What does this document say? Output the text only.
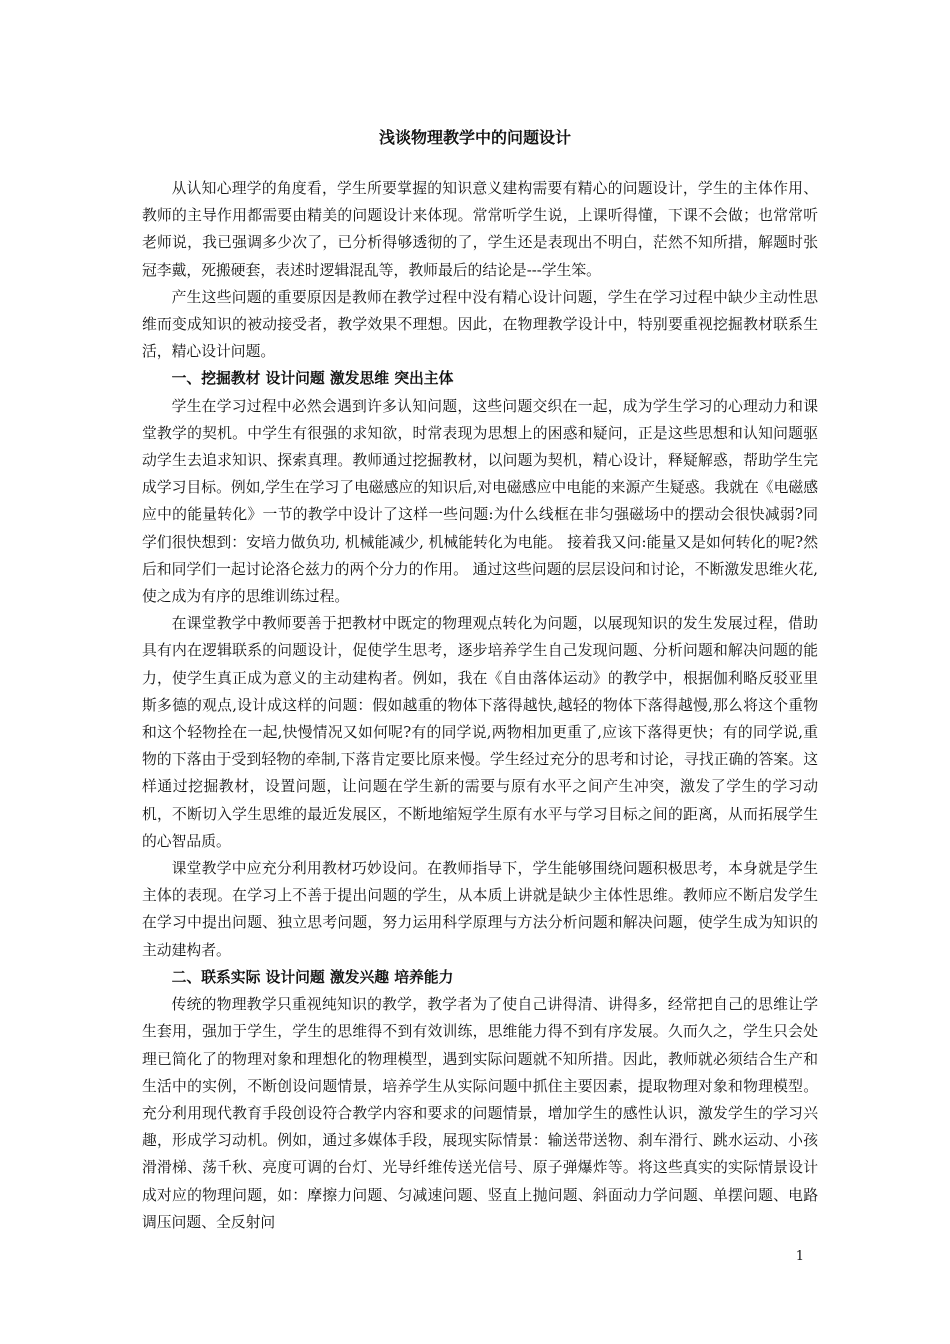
浅谈物理教学中的问题设计

从认知心理学的角度看，学生所要掌握的知识意义建构需要有精心的问题设计，学生的主体作用、教师的主导作用都需要由精美的问题设计来体现。常常听学生说，上课听得懂，下课不会做；也常常听老师说，我已强调多少次了，已分析得够透彻的了，学生还是表现出不明白，茫然不知所措，解题时张冠李戴，死搬硬套，表述时逻辑混乱等，教师最后的结论是---学生笨。

产生这些问题的重要原因是教师在教学过程中没有精心设计问题，学生在学习过程中缺少主动性思维而变成知识的被动接受者，教学效果不理想。因此，在物理教学设计中，特别要重视挖掘教材联系生活，精心设计问题。

一、挖掘教材 设计问题 激发思维 突出主体

学生在学习过程中必然会遇到许多认知问题，这些问题交织在一起，成为学生学习的心理动力和课堂教学的契机。中学生有很强的求知欲，时常表现为思想上的困惑和疑问，正是这些思想和认知问题驱动学生去追求知识、探索真理。教师通过挖掘教材，以问题为契机，精心设计，释疑解惑，帮助学生完成学习目标。例如,学生在学习了电磁感应的知识后,对电磁感应中电能的来源产生疑惑。我就在《电磁感应中的能量转化》一节的教学中设计了这样一些问题:为什么线框在非匀强磁场中的摆动会很快减弱?同学们很快想到：安培力做负功, 机械能减少, 机械能转化为电能。 接着我又问:能量又是如何转化的呢?然后和同学们一起讨论洛仑兹力的两个分力的作用。 通过这些问题的层层设问和讨论，不断激发思维火花,使之成为有序的思维训练过程。

在课堂教学中教师要善于把教材中既定的物理观点转化为问题，以展现知识的发生发展过程，借助具有内在逻辑联系的问题设计，促使学生思考，逐步培养学生自己发现问题、分析问题和解决问题的能力，使学生真正成为意义的主动建构者。例如，我在《自由落体运动》的教学中，根据伽利略反驳亚里斯多德的观点,设计成这样的问题：假如越重的物体下落得越快,越轻的物体下落得越慢,那么将这个重物和这个轻物拴在一起,快慢情况又如何呢?有的同学说,两物相加更重了,应该下落得更快；有的同学说,重物的下落由于受到轻物的牵制,下落肯定要比原来慢。学生经过充分的思考和讨论，寻找正确的答案。这样通过挖掘教材，设置问题，让问题在学生新的需要与原有水平之间产生冲突，激发了学生的学习动机，不断切入学生思维的最近发展区，不断地缩短学生原有水平与学习目标之间的距离，从而拓展学生的心智品质。

课堂教学中应充分利用教材巧妙设问。在教师指导下，学生能够围绕问题积极思考，本身就是学生主体的表现。在学习上不善于提出问题的学生，从本质上讲就是缺少主体性思维。教师应不断启发学生在学习中提出问题、独立思考问题，努力运用科学原理与方法分析问题和解决问题，使学生成为知识的主动建构者。

二、联系实际 设计问题 激发兴趣 培养能力

传统的物理教学只重视纯知识的教学，教学者为了使自己讲得清、讲得多，经常把自己的思维让学生套用，强加于学生，学生的思维得不到有效训练，思维能力得不到有序发展。久而久之，学生只会处理已简化了的物理对象和理想化的物理模型，遇到实际问题就不知所措。因此，教师就必须结合生产和生活中的实例，不断创设问题情景，培养学生从实际问题中抓住主要因素，提取物理对象和物理模型。充分利用现代教育手段创设符合教学内容和要求的问题情景，增加学生的感性认识，激发学生的学习兴趣，形成学习动机。例如，通过多媒体手段，展现实际情景：输送带送物、刹车滑行、跳水运动、小孩滑滑梯、荡千秋、亮度可调的台灯、光导纤维传送光信号、原子弹爆炸等。将这些真实的实际情景设计成对应的物理问题，如：摩擦力问题、匀减速问题、竖直上抛问题、斜面动力学问题、单摆问题、电路调压问题、全反射问

1
